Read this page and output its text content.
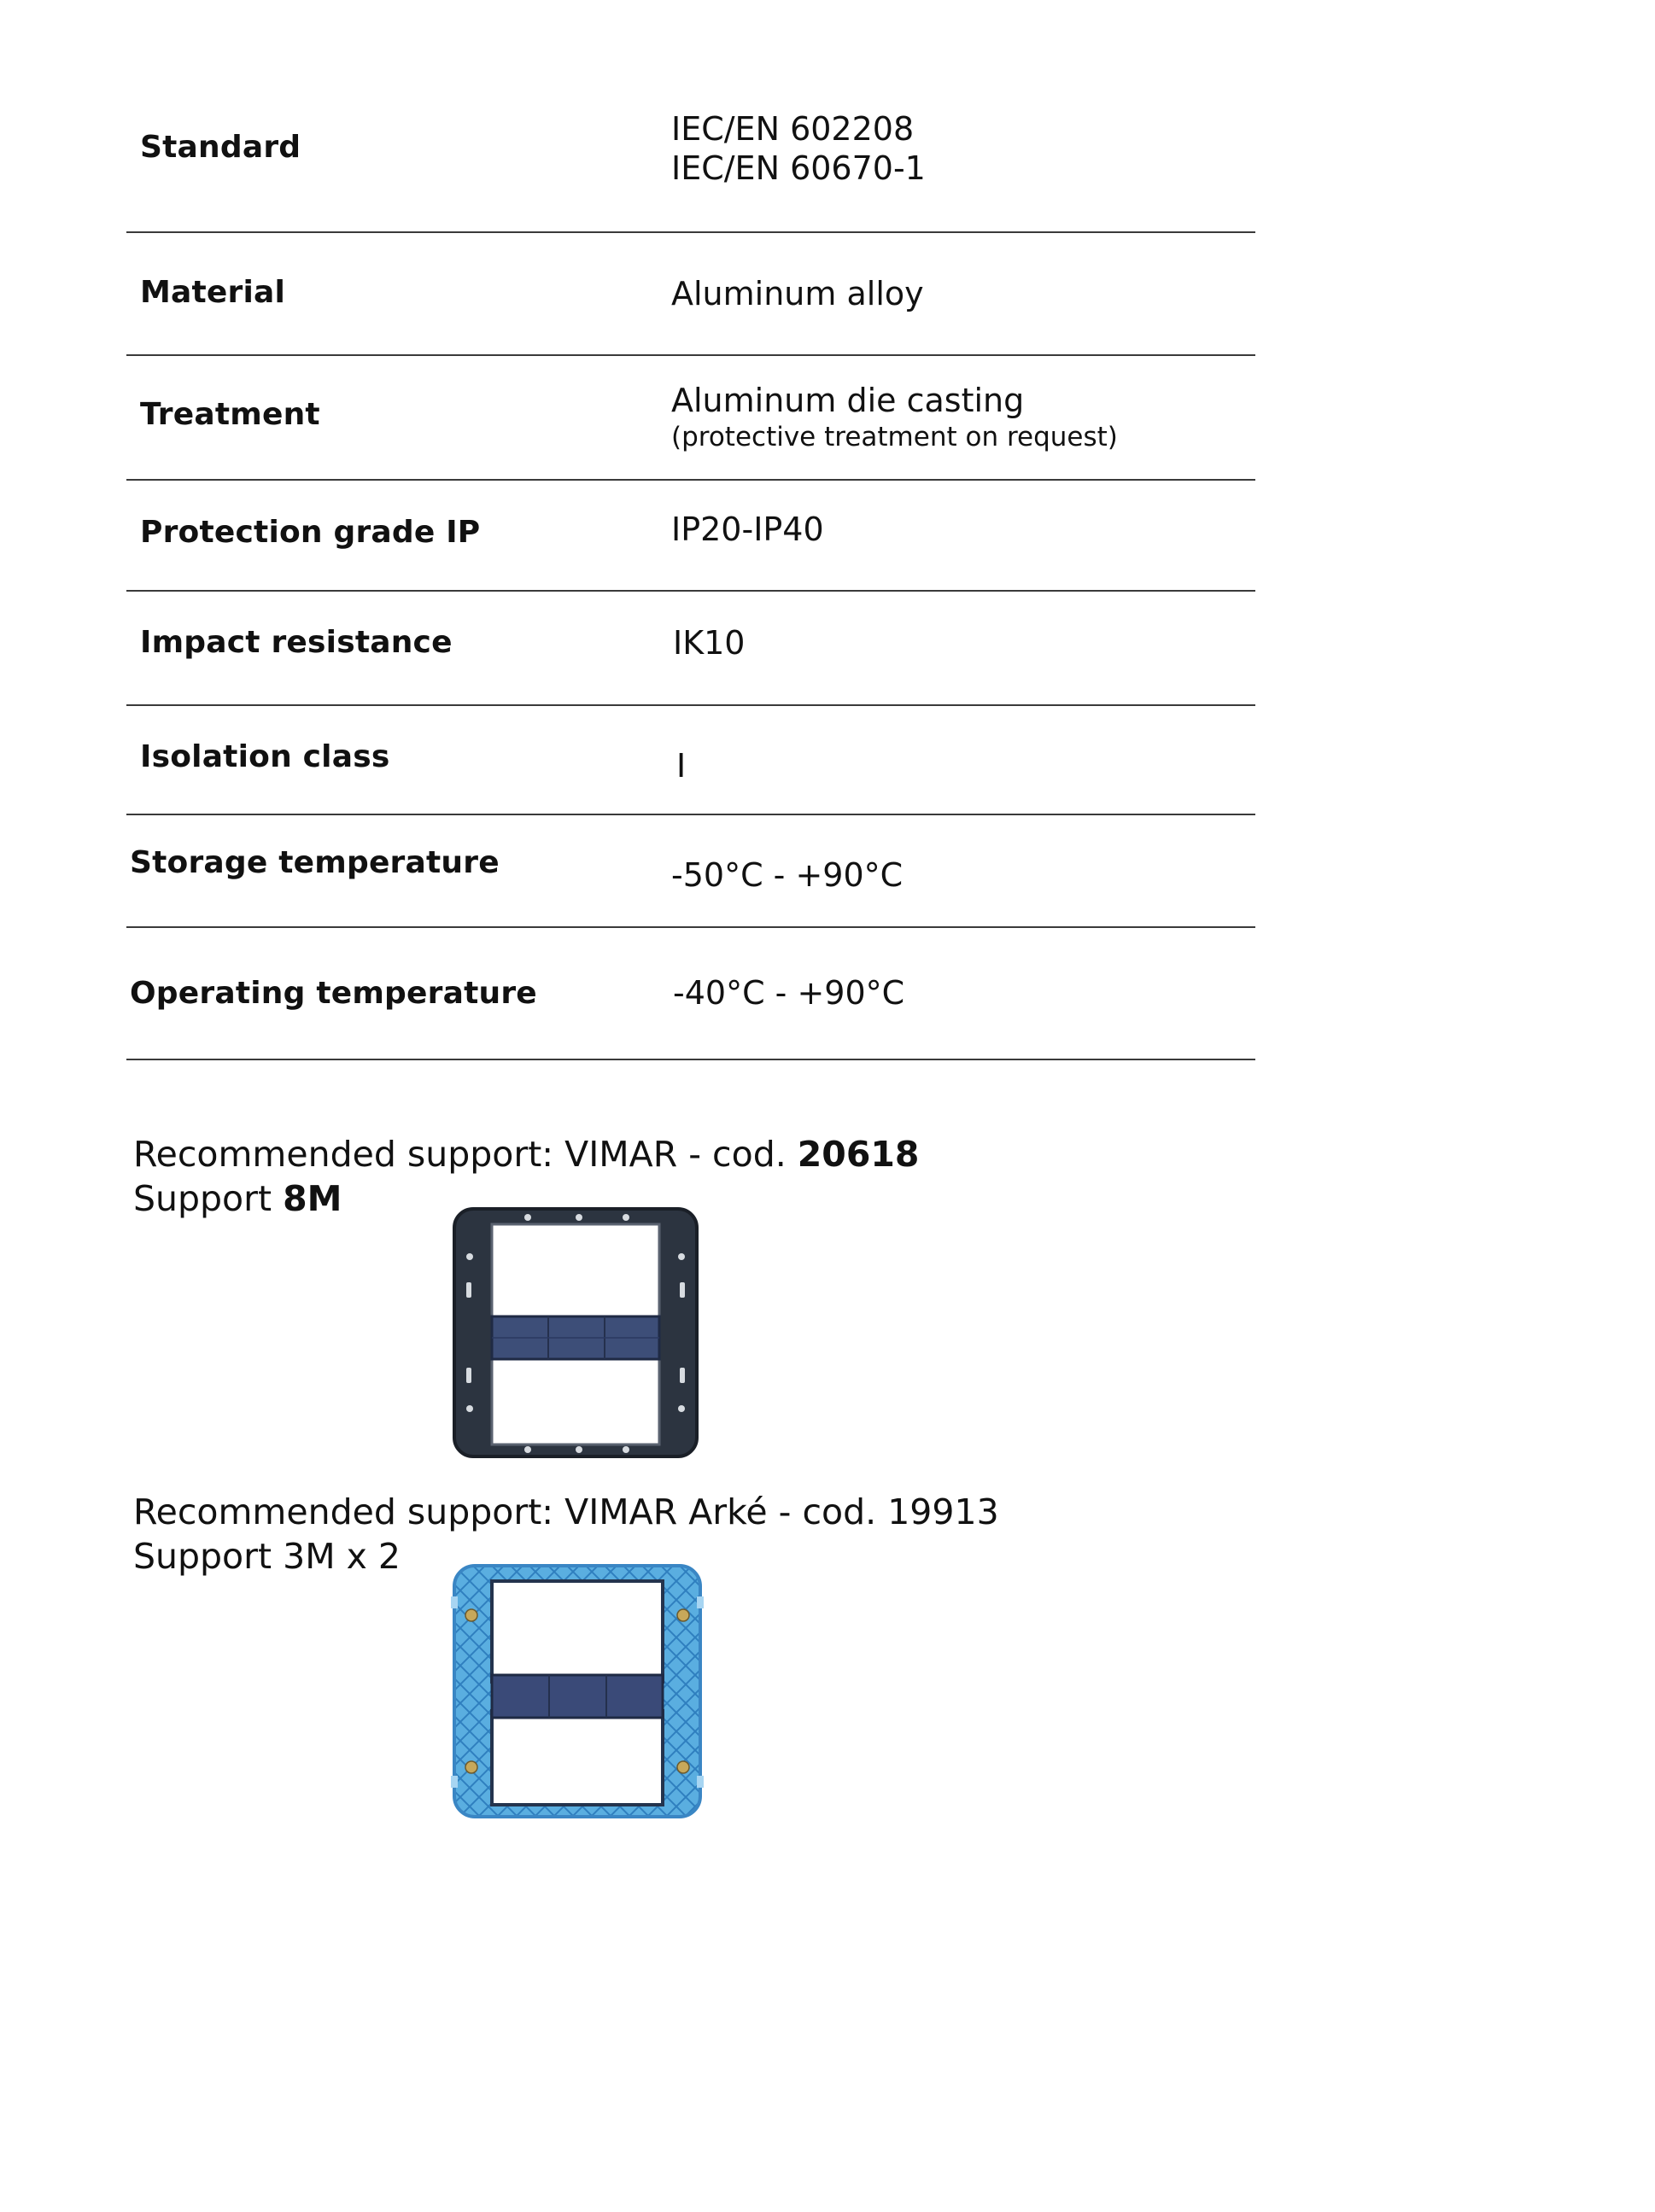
Standard	IEC/EN 602208
IEC/EN 60670-1
Material	Aluminum alloy
Treatment	Aluminum die casting
(protective treatment on request)
Protection grade IP	IP20-IP40
Impact resistance	IK10
Isolation class	I
Storage temperature	-50°C - +90°C
Operating temperature	-40°C - +90°C
Recommended support: VIMAR - cod. 20618
Support 8M
Recommended support: VIMAR Arké - cod. 19913
Support 3M x 2
